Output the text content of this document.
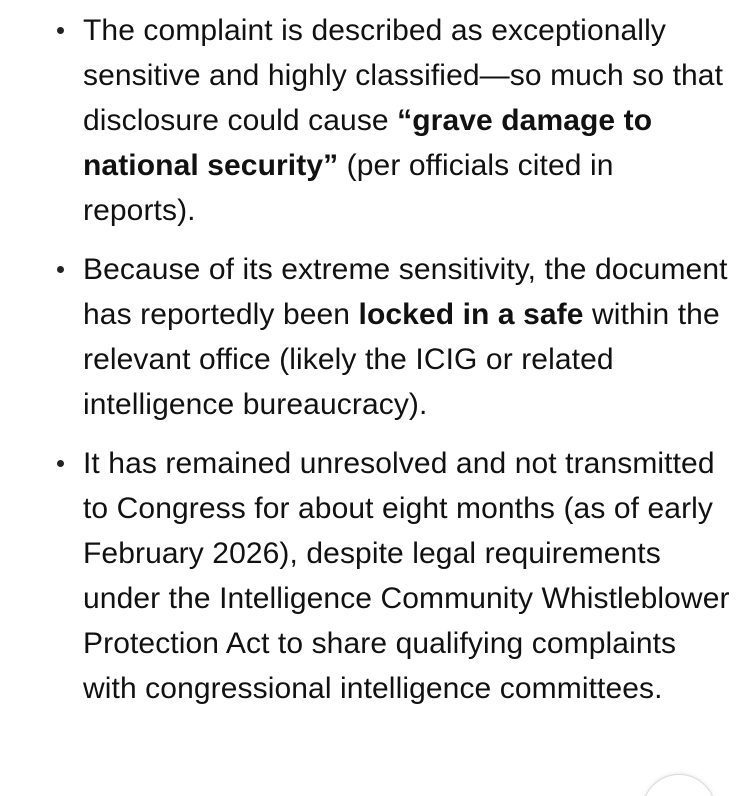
The complaint is described as exceptionally sensitive and highly classified—so much so that disclosure could cause “grave damage to national security” (per officials cited in reports).
Because of its extreme sensitivity, the document has reportedly been locked in a safe within the relevant office (likely the ICIG or related intelligence bureaucracy).
It has remained unresolved and not transmitted to Congress for about eight months (as of early February 2026), despite legal requirements under the Intelligence Community Whistleblower Protection Act to share qualifying complaints with congressional intelligence committees.
